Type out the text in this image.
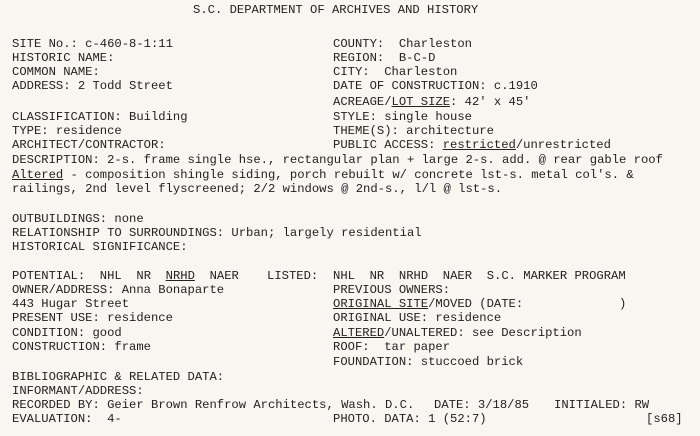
S.C. DEPARTMENT OF ARCHIVES AND HISTORY
SITE No.: c-460-8-1:11
HISTORIC NAME:
COMMON NAME:
ADDRESS: 2 Todd Street
CLASSIFICATION: Building
TYPE: residence
ARCHITECT/CONTRACTOR:
COUNTY:  Charleston
REGION:  B-C-D
CITY:  Charleston
DATE OF CONSTRUCTION: c.1910
ACREAGE/LOT SIZE: 42' x 45'
STYLE: single house
THEME(S): architecture
PUBLIC ACCESS: restricted/unrestricted
DESCRIPTION: 2-s. frame single hse., rectangular plan + large 2-s. add. @ rear gable roof
Altered - composition shingle siding, porch rebuilt w/ concrete lst-s. metal col's. &
railings, 2nd level flyscreened; 2/2 windows @ 2nd-s., l/l @ lst-s.
OUTBUILDINGS: none
RELATIONSHIP TO SURROUNDINGS: Urban; largely residential
HISTORICAL SIGNIFICANCE:
POTENTIAL: NHL NR NRHD NAER LISTED: NHL NR NRHD NAER S.C. MARKER PROGRAM
OWNER/ADDRESS: Anna Bonaparte
443 Hugar Street
PRESENT USE: residence
CONDITION: good
CONSTRUCTION: frame
PREVIOUS OWNERS:
ORIGINAL SITE/MOVED (DATE:	)
ORIGINAL USE: residence
ALTERED/UNALTERED: see Description
ROOF:  tar paper
FOUNDATION: stuccoed brick
BIBLIOGRAPHIC & RELATED DATA:
INFORMANT/ADDRESS:
RECORDED BY: Geier Brown Renfrow Architects, Wash. D.C. DATE: 3/18/85 INITIALED: RW
EVALUATION:  4-	PHOTO. DATA: 1 (52:7)	[s68]
